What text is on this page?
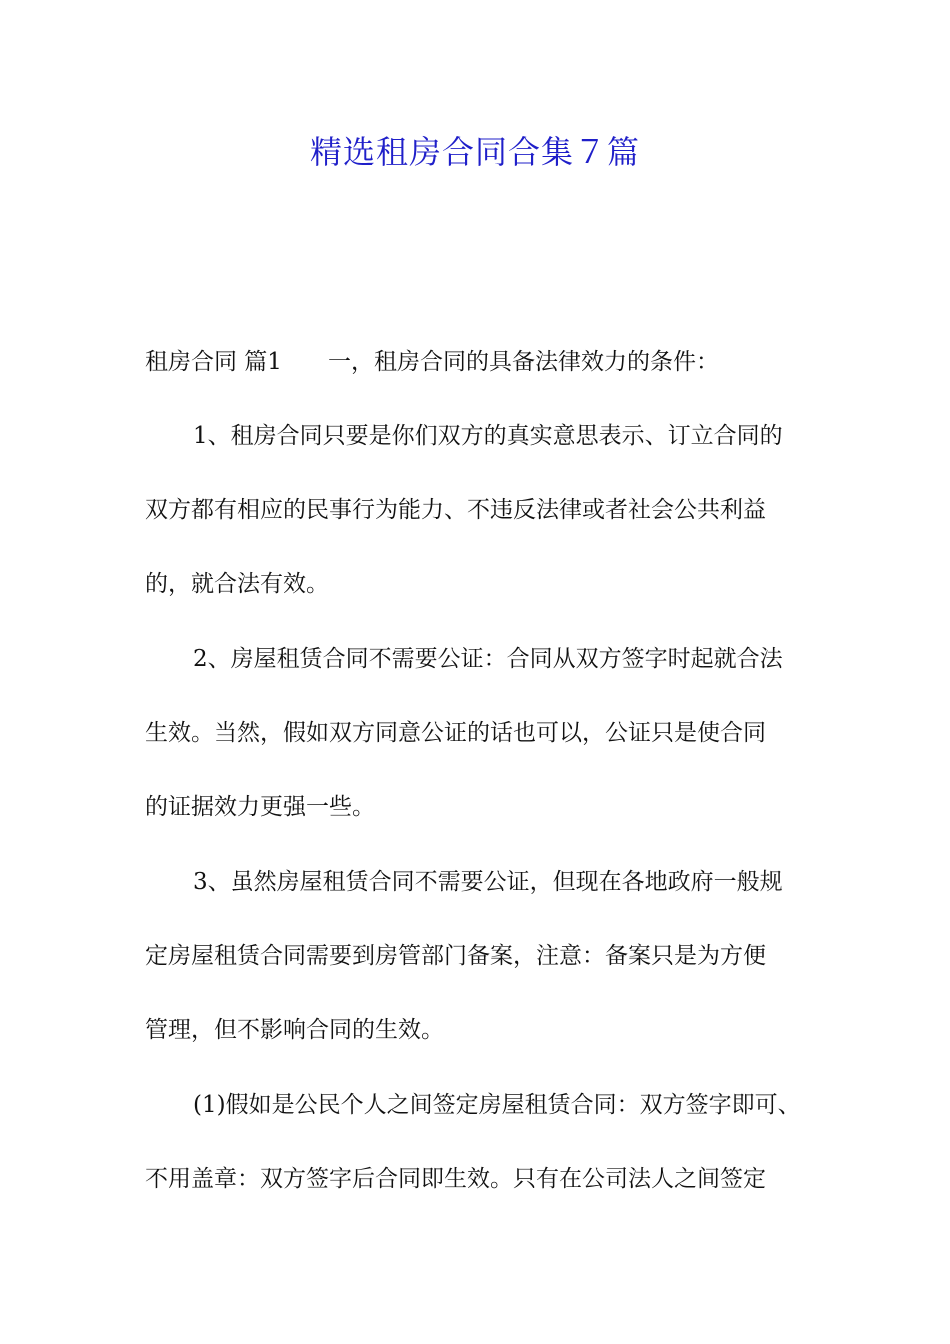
精选租房合同合集７篇
租房合同 篇1 一，租房合同的具备法律效力的条件：
1、租房合同只要是你们双方的真实意思表示、订立合同的
双方都有相应的民事行为能力、不违反法律或者社会公共利益
的，就合法有效。
2、房屋租赁合同不需要公证：合同从双方签字时起就合法
生效。当然，假如双方同意公证的话也可以，公证只是使合同
的证据效力更强一些。
3、虽然房屋租赁合同不需要公证，但现在各地政府一般规
定房屋租赁合同需要到房管部门备案，注意：备案只是为方便
管理，但不影响合同的生效。
(1)假如是公民个人之间签定房屋租赁合同：双方签字即可、
不用盖章：双方签字后合同即生效。只有在公司法人之间签定
